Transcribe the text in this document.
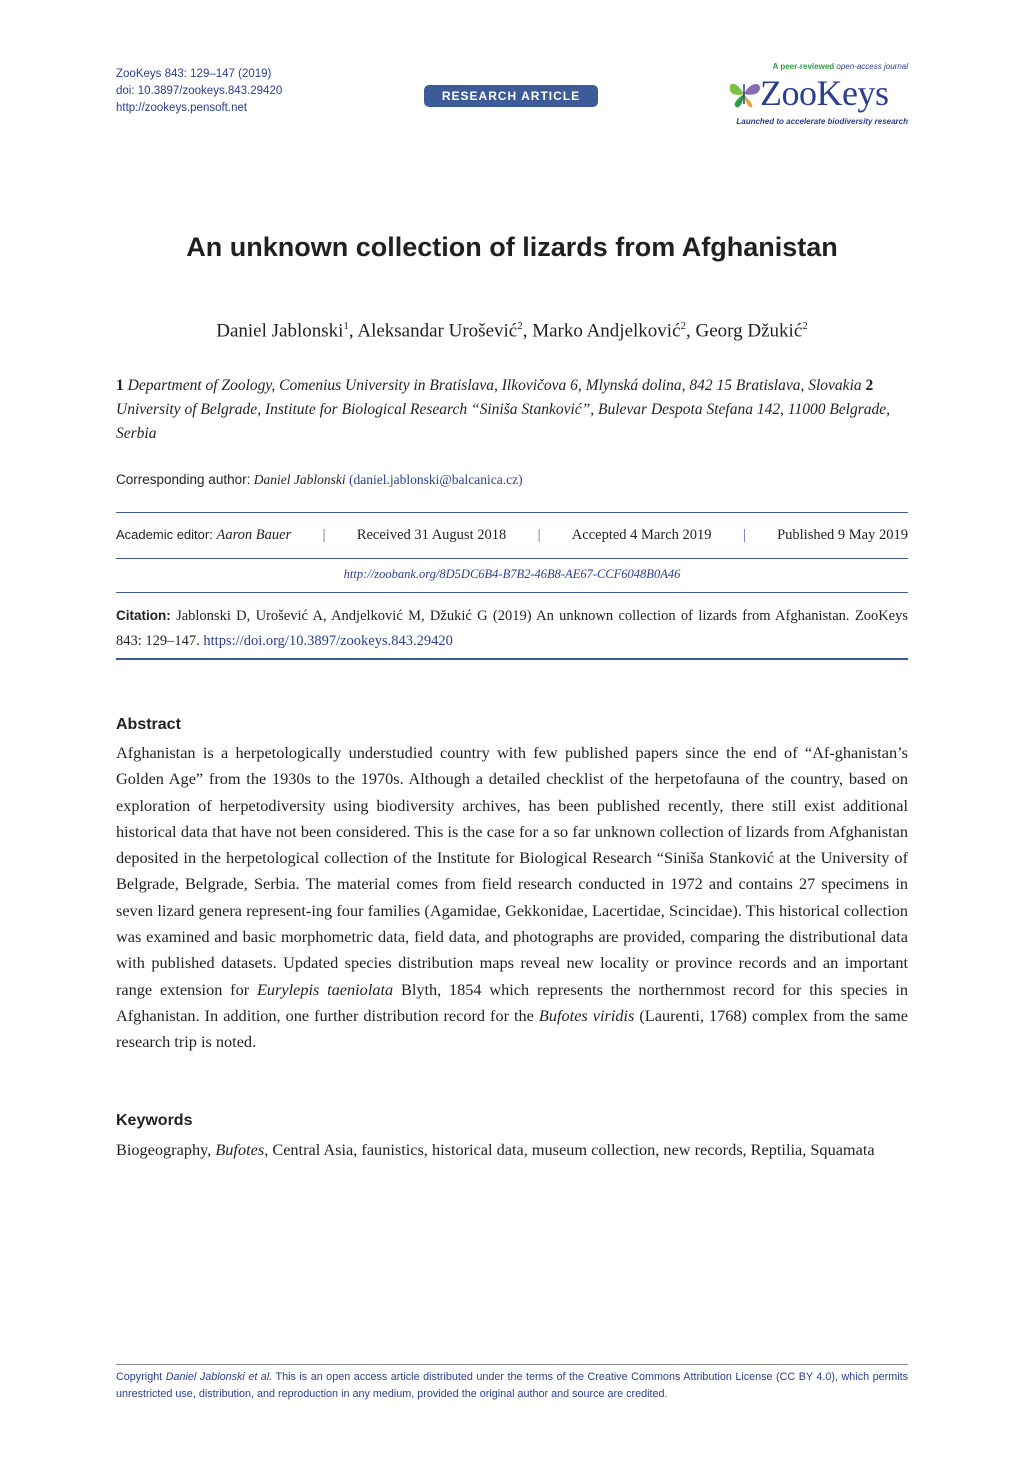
ZooKeys 843: 129–147 (2019)
doi: 10.3897/zookeys.843.29420
http://zookeys.pensoft.net
RESEARCH ARTICLE
A peer-reviewed open-access journal
ZooKeys
Launched to accelerate biodiversity research
An unknown collection of lizards from Afghanistan
Daniel Jablonski$^1$, Aleksandar Urošević$^2$, Marko Andjelković$^2$, Georg Džukić$^2$
1 Department of Zoology, Comenius University in Bratislava, Ilkovičova 6, Mlynská dolina, 842 15 Bratislava, Slovakia 2 University of Belgrade, Institute for Biological Research “Siniša Stanković”, Bulevar Despota Stefana 142, 11000 Belgrade, Serbia
Corresponding author: Daniel Jablonski (daniel.jablonski@balcanica.cz)
Academic editor: Aaron Bauer | Received 31 August 2018 | Accepted 4 March 2019 | Published 9 May 2019
http://zoobank.org/8D5DC6B4-B7B2-46B8-AE67-CCF6048B0A46
Citation: Jablonski D, Urošević A, Andjelković M, Džukić G (2019) An unknown collection of lizards from Afghanistan. ZooKeys 843: 129–147. https://doi.org/10.3897/zookeys.843.29420
Abstract
Afghanistan is a herpetologically understudied country with few published papers since the end of “Af-ghanistan’s Golden Age” from the 1930s to the 1970s. Although a detailed checklist of the herpetofauna of the country, based on exploration of herpetodiversity using biodiversity archives, has been published recently, there still exist additional historical data that have not been considered. This is the case for a so far unknown collection of lizards from Afghanistan deposited in the herpetological collection of the Institute for Biological Research “Siniša Stanković at the University of Belgrade, Belgrade, Serbia. The material comes from field research conducted in 1972 and contains 27 specimens in seven lizard genera represent-ing four families (Agamidae, Gekkonidae, Lacertidae, Scincidae). This historical collection was examined and basic morphometric data, field data, and photographs are provided, comparing the distributional data with published datasets. Updated species distribution maps reveal new locality or province records and an important range extension for Eurylepis taeniolata Blyth, 1854 which represents the northernmost record for this species in Afghanistan. In addition, one further distribution record for the Bufotes viridis (Laurenti, 1768) complex from the same research trip is noted.
Keywords
Biogeography, Bufotes, Central Asia, faunistics, historical data, museum collection, new records, Reptilia, Squamata
Copyright Daniel Jablonski et al. This is an open access article distributed under the terms of the Creative Commons Attribution License (CC BY 4.0), which permits unrestricted use, distribution, and reproduction in any medium, provided the original author and source are credited.
